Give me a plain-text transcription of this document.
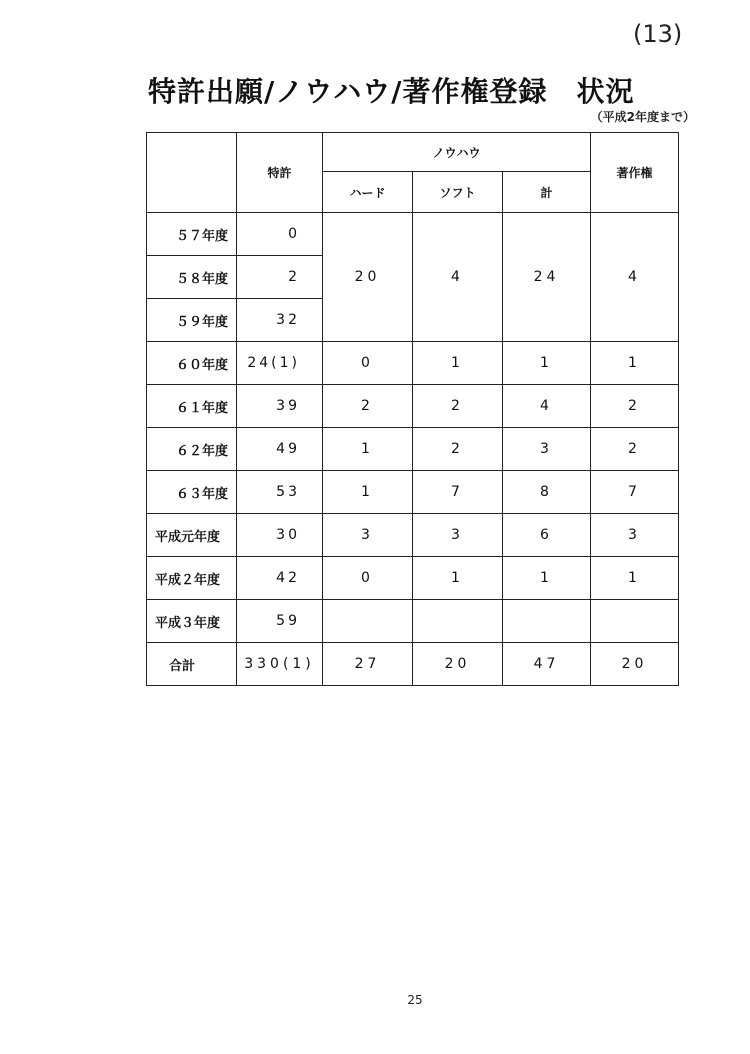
(13)
特許出願/ノウハウ/著作権登録　状況
（平成2年度まで）
	特許	ノウハウ			著作権
		ハード	ソフト	計	
５７年度	0	20	4	24	4
５８年度	2				
５９年度	32				
６０年度	24(1)	0	1	1	1
６１年度	39	2	2	4	2
６２年度	49	1	2	3	2
６３年度	53	1	7	8	7
平成元年度	30	3	3	6	3
平成２年度	42	0	1	1	1
平成３年度	59				
合計	330(1)	27	20	47	20
25
